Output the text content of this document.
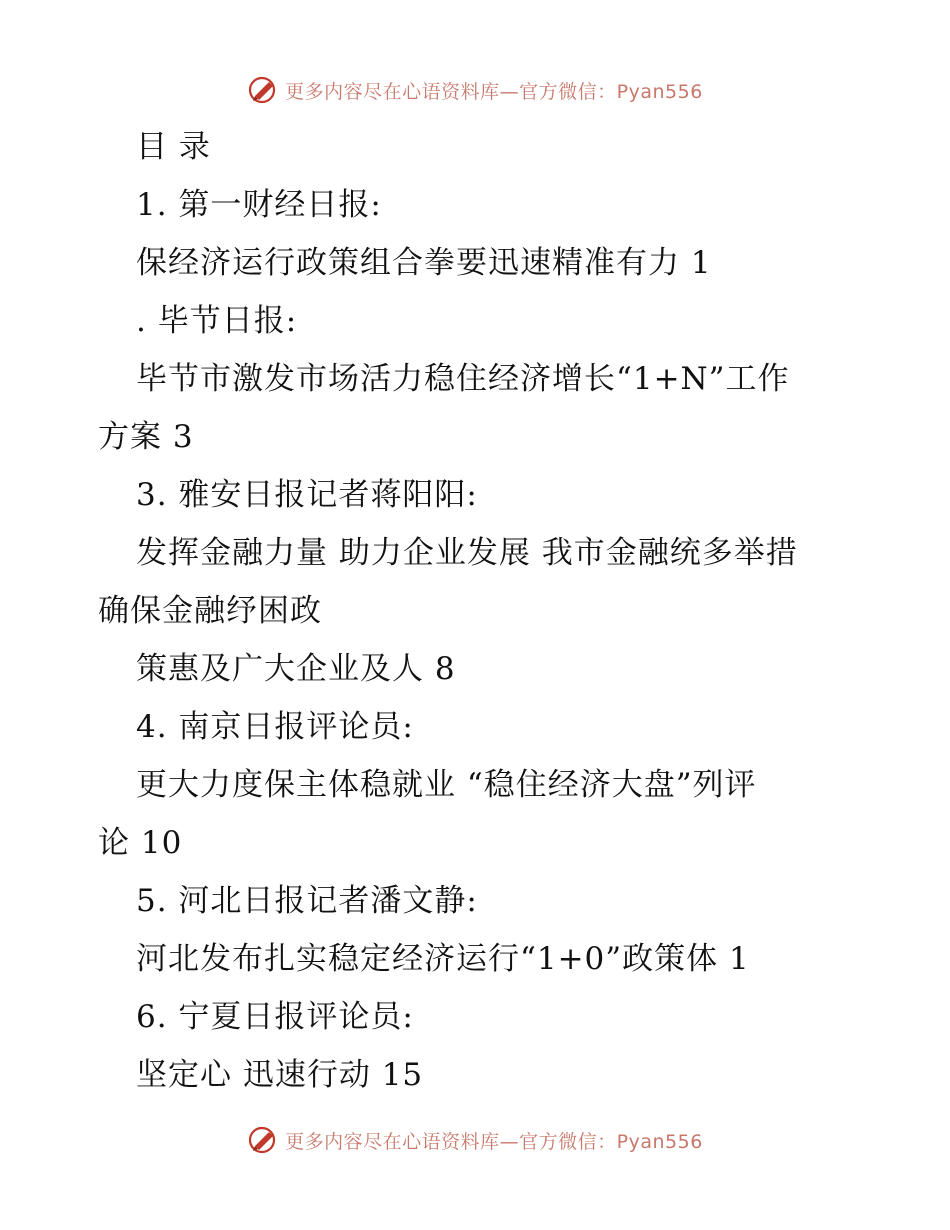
更多内容尽在心语资料库—官方微信：Pyan556
目 录
1. 第一财经日报:
保经济运行政策组合拳要迅速精准有力 1
. 毕节日报:
毕节市激发市场活力稳住经济增长“1+N”工作
方案 3
3. 雅安日报记者蒋阳阳:
发挥金融力量 助力企业发展 我市金融统多举措
确保金融纾困政
策惠及广大企业及人 8
4. 南京日报评论员:
更大力度保主体稳就业 “稳住经济大盘”列评
论 10
5. 河北日报记者潘文静:
河北发布扎实稳定经济运行“1+0”政策体 1
6. 宁夏日报评论员:
坚定心 迅速行动 15
更多内容尽在心语资料库—官方微信：Pyan556
